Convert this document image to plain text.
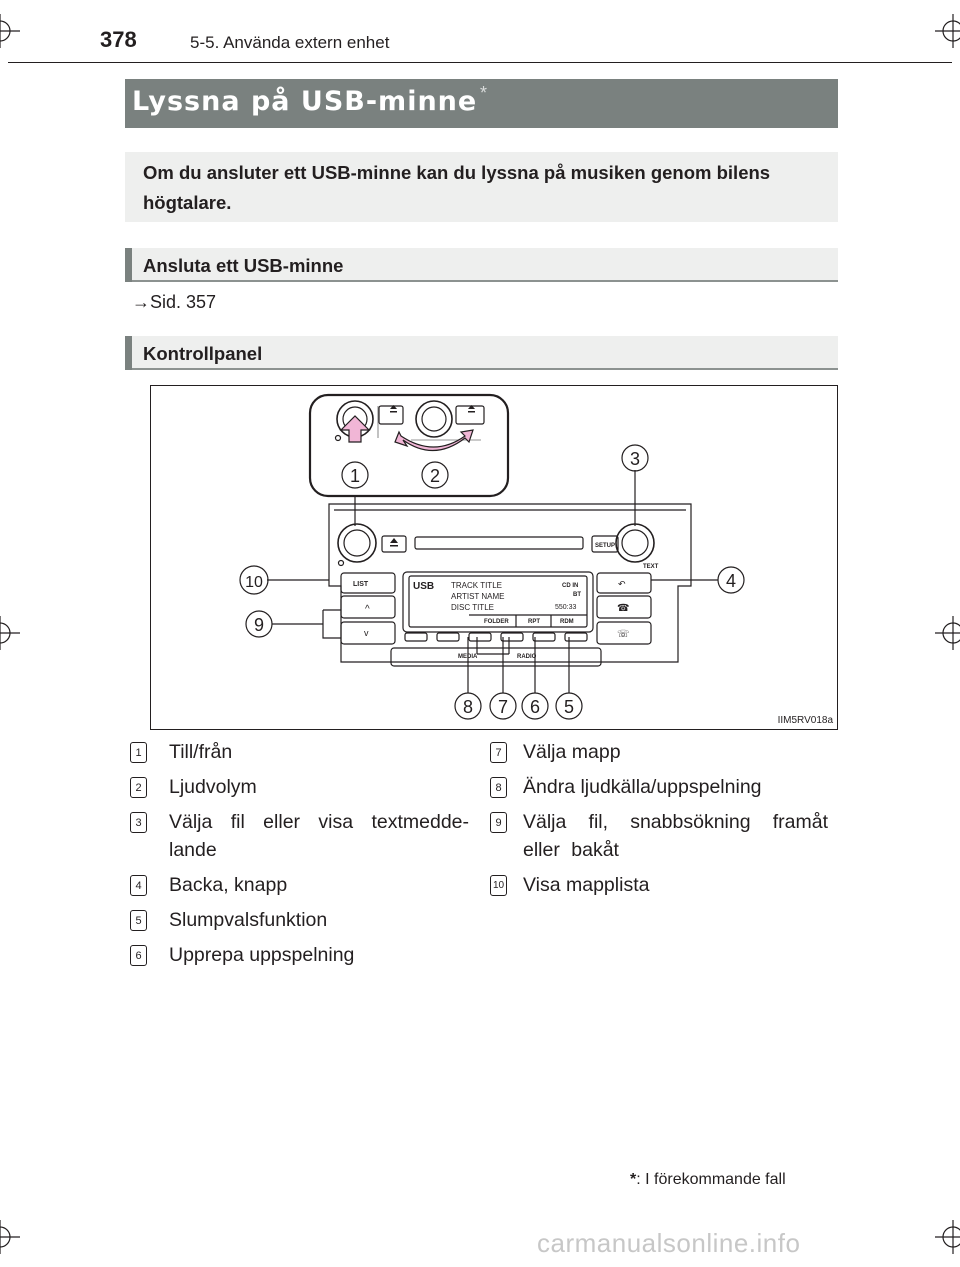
378	5-5. Använda extern enhet
Lyssna på USB-minne *
Om du ansluter ett USB-minne kan du lyssna på musiken genom bilens högtalare.
Ansluta ett USB-minne
→Sid. 357
Kontrollpanel
LIST
SETUP
TEXT
MEDIA	RADIO
USB TRACK TITLE
ARTIST NAME
DISC TITLE
CD IN
BT
550:33
FOLDER	RPT	RDM
^
v
↶
☎
☏
1	2
3
4
5
6
7
8
9
10
IIM5RV018a
1 Till/från
2 Ljudvolym
3 Välja fil eller visa textmedde-lande
4 Backa, knapp
5 Slumpvalsfunktion
6 Upprepa uppspelning
7 Välja mapp
8 Ändra ljudkälla/uppspelning
9 Välja fil, snabbsökning framåt eller bakåt
10 Visa mapplista
*: I förekommande fall
carmanualsonline.info
